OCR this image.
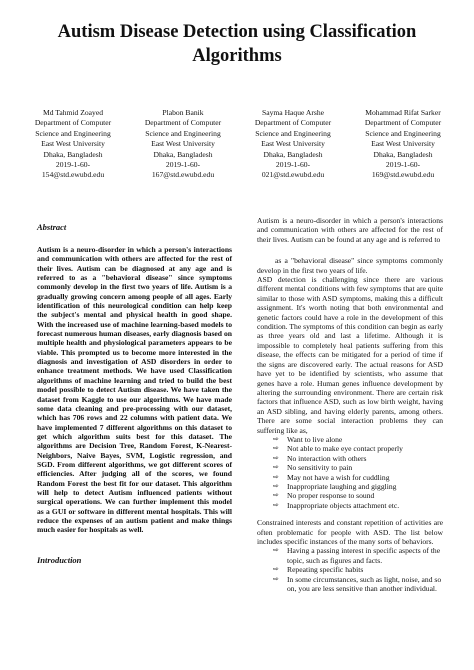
Autism Disease Detection using Classification
Algorithms
Md Tahmid Zoayed
Department of Computer
Science and Engineering
East West University
Dhaka, Bangladesh
2019-1-60-
154@std.ewubd.edu
Plabon Banik
Department of Computer
Science and Engineering
East West University
Dhaka, Bangladesh
2019-1-60-
167@std.ewubd.edu
Sayma Haque Arshe
Department of Computer
Science and Engineering
East West University
Dhaka, Bangladesh
2019-1-60-
021@std.ewubd.edu
Mohammad Rifat Sarker
Department of Computer
Science and Engineering
East West University
Dhaka, Bangladesh
2019-1-60-
169@std.ewubd.edu
Abstract

Autism is a neuro-disorder in which a person's interactions and communication with others are affected for the rest of their lives. Autism can be diagnosed at any age and is referred to as a "behavioral disease" since symptoms commonly develop in the first two years of life. Autism is a gradually growing concern among people of all ages. Early identification of this neurological condition can help keep the subject's mental and physical health in good shape. With the increased use of machine learning-based models to forecast numerous human diseases, early diagnosis based on multiple health and physiological parameters appears to be viable. This prompted us to become more interested in the diagnosis and investigation of ASD disorders in order to enhance treatment methods. We have used Classification algorithms of machine learning and tried to build the best model possible to detect Autism disease. We have taken the dataset from Kaggle to use our algorithms. We have made some data cleaning and pre-processing with our dataset, which has 706 rows and 22 columns with patient data. We have implemented 7 different algorithms on this dataset to get which algorithm suits best for this dataset. The algorithms are Decision Tree, Random Forest, K-Nearest-Neighbors, Naive Bayes, SVM, Logistic regression, and SGD. From different algorithms, we got different scores of efficiencies. After judging all of the scores, we found Random Forest the best fit for our dataset. This algorithm will help to detect Autism influenced patients without surgical operations. We can further implement this model as a GUI or software in different mental hospitals. This will reduce the expenses of an autism patient and make things much easier for hospitals as well.

Introduction

Autism is a neuro-disorder in which a person's interactions and communication with others are affected for the rest of their lives. Autism can be found at any age and is referred to

as a "behavioral disease" since symptoms commonly develop in the first two years of life.

ASD detection is challenging since there are various different mental conditions with few symptoms that are quite similar to those with ASD symptoms, making this a difficult assignment. It's worth noting that both environmental and genetic factors could have a role in the development of this condition. The symptoms of this condition can begin as early as three years old and last a lifetime. Although it is impossible to completely heal patients suffering from this disease, the effects can be mitigated for a period of time if the signs are discovered early. The actual reasons for ASD have yet to be identified by scientists, who assume that genes have a role. Human genes influence development by altering the surrounding environment. There are certain risk factors that influence ASD, such as low birth weight, having an ASD sibling, and having elderly parents, among others. There are some social interaction problems they can suffering like as,

⇨	Want to live alone
⇨	Not able to make eye contact properly
⇨	No interaction with others
⇨	No sensitivity to pain
⇨	May not have a wish for cuddling
⇨	Inappropriate laughing and giggling
⇨	No proper response to sound
⇨	Inappropriate objects attachment etc.

Constrained interests and constant repetition of activities are often problematic for people with ASD. The list below includes specific instances of the many sorts of behaviors.

⇨	Having a passing interest in specific aspects of the topic, such as figures and facts.
⇨	Repeating specific habits
⇨	In some circumstances, such as light, noise, and so on, you are less sensitive than another individual.
